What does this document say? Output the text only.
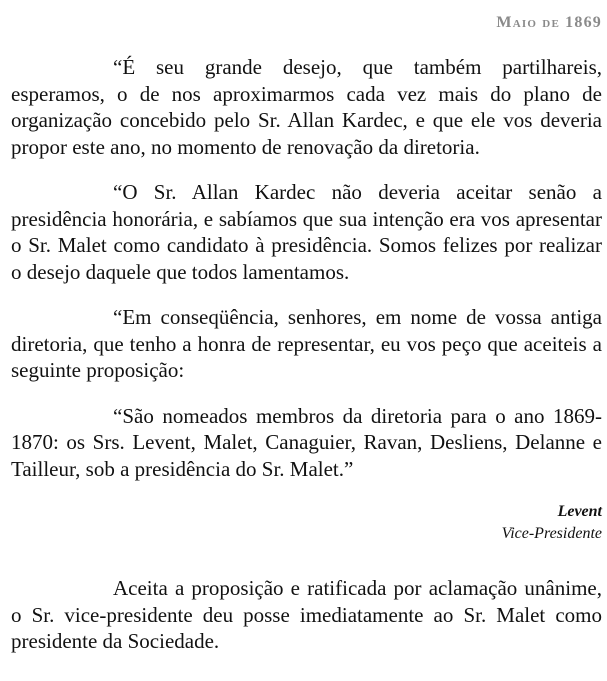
Maio de 1869

“É seu grande desejo, que também partilhareis, esperamos, o de nos aproximarmos cada vez mais do plano de organização concebido pelo Sr. Allan Kardec, e que ele vos deveria propor este ano, no momento de renovação da diretoria.

“O Sr. Allan Kardec não deveria aceitar senão a presidência honorária, e sabíamos que sua intenção era vos apresentar o Sr. Malet como candidato à presidência. Somos felizes por realizar o desejo daquele que todos lamentamos.

“Em conseqüência, senhores, em nome de vossa antiga diretoria, que tenho a honra de representar, eu vos peço que aceiteis a seguinte proposição:

“São nomeados membros da diretoria para o ano 1869-1870: os Srs. Levent, Malet, Canaguier, Ravan, Desliens, Delanne e Tailleur, sob a presidência do Sr. Malet.”

Levent
Vice-Presidente

Aceita a proposição e ratificada por aclamação unânime, o Sr. vice-presidente deu posse imediatamente ao Sr. Malet como presidente da Sociedade.
